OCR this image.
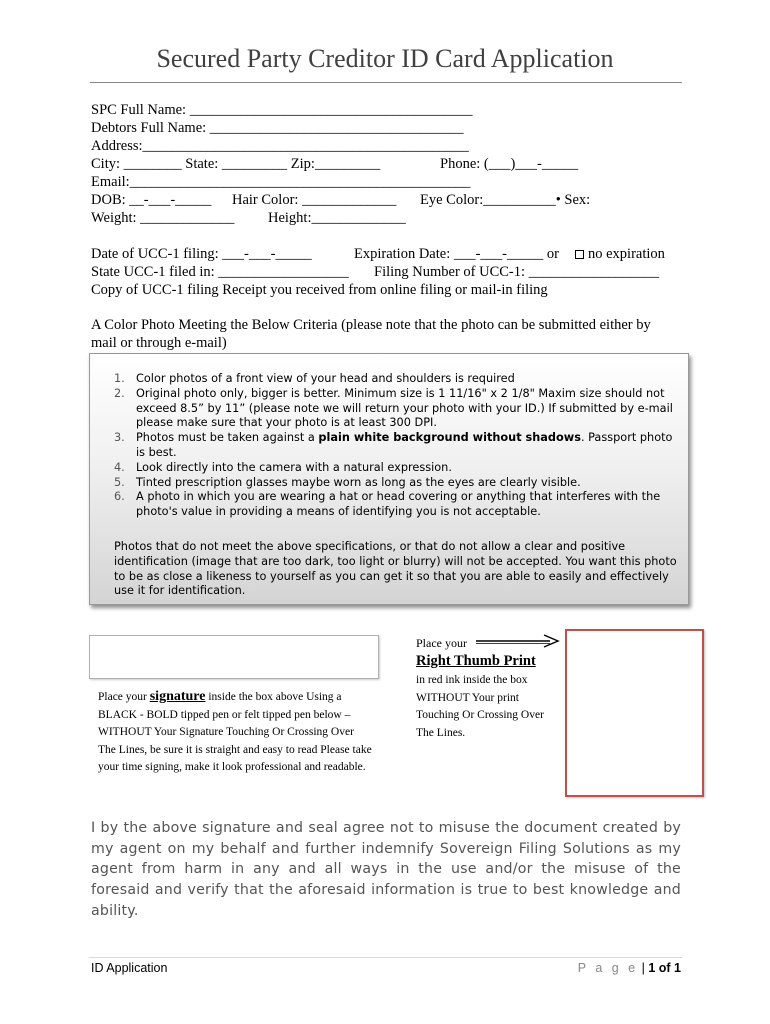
Secured Party Creditor ID Card Application
SPC Full Name: _______________________________________
Debtors Full Name: ___________________________________
Address:_____________________________________________
City: ________ State: _________ Zip:_________	Phone: (___)___-_____
Email:_______________________________________________
DOB: __-___-_____ Hair Color: _____________ Eye Color:__________• Sex:
Weight: _____________ Height:_____________
Date of UCC-1 filing: ___-___-_____	Expiration Date: ___-___-_____ or	no expiration
State UCC-1 filed in: __________________ Filing Number of UCC-1: __________________
Copy of UCC-1 filing Receipt you received from online filing or mail-in filing
A Color Photo Meeting the Below Criteria (please note that the photo can be submitted either by
mail or through e-mail)
1. Color photos of a front view of your head and shoulders is required
2. Original photo only, bigger is better. Minimum size is 1 11/16" x 2 1/8" Maxim size should not exceed 8.5” by 11” (please note we will return your photo with your ID.) If submitted by e-mail please make sure that your photo is at least 300 DPI.
3. Photos must be taken against a plain white background without shadows. Passport photo is best.
4. Look directly into the camera with a natural expression.
5. Tinted prescription glasses maybe worn as long as the eyes are clearly visible.
6. A photo in which you are wearing a hat or head covering or anything that interferes with the photo's value in providing a means of identifying you is not acceptable.
Photos that do not meet the above specifications, or that do not allow a clear and positive identification (image that are too dark, too light or blurry) will not be accepted. You want this photo to be as close a likeness to yourself as you can get it so that you are able to easily and effectively use it for identification.
Place your signature inside the box above Using a BLACK - BOLD tipped pen or felt tipped pen below – WITHOUT Your Signature Touching Or Crossing Over The Lines, be sure it is straight and easy to read Please take your time signing, make it look professional and readable.
Place your
Right Thumb Print
in red ink inside the box WITHOUT Your print Touching Or Crossing Over The Lines.
I by the above signature and seal agree not to misuse the document created by my agent on my behalf and further indemnify Sovereign Filing Solutions as my agent from harm in any and all ways in the use and/or the misuse of the foresaid and verify that the aforesaid information is true to best knowledge and ability.
ID Application	P a g e | 1 of 1
